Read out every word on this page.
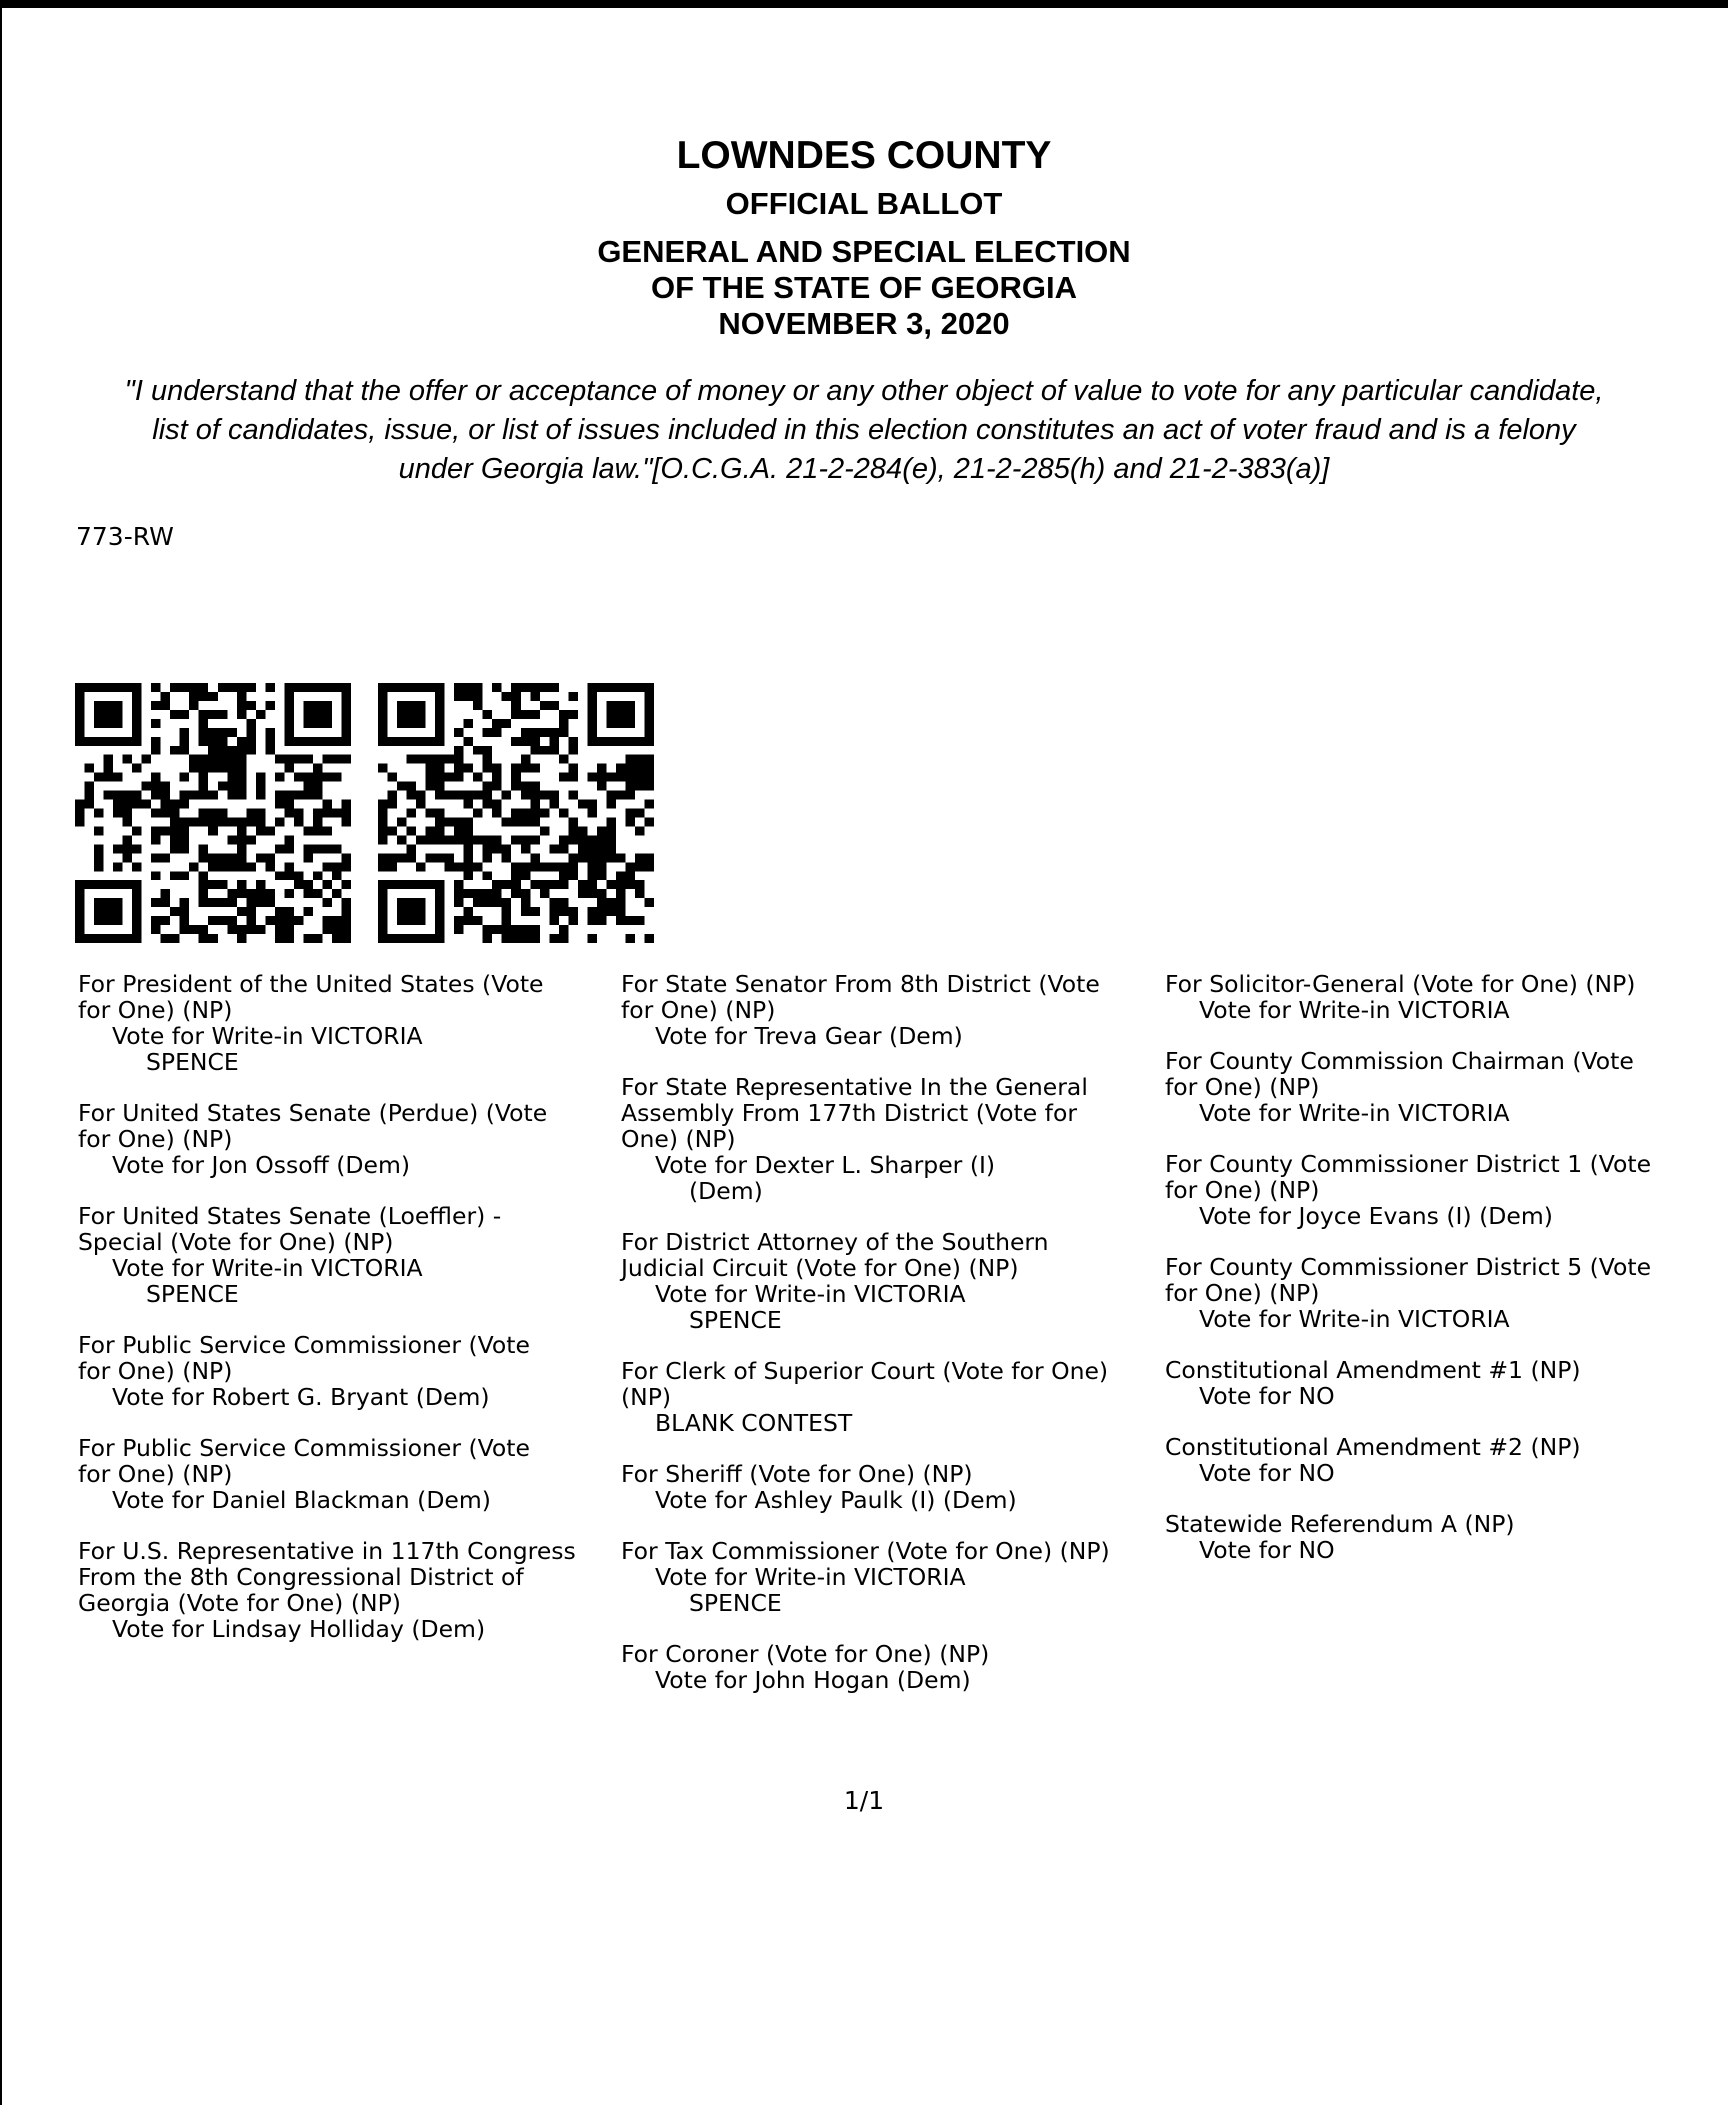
LOWNDES COUNTY
OFFICIAL BALLOT
GENERAL AND SPECIAL ELECTION
OF THE STATE OF GEORGIA
NOVEMBER 3, 2020
"I understand that the offer or acceptance of money or any other object of value to vote for any particular candidate,
list of candidates, issue, or list of issues included in this election constitutes an act of voter fraud and is a felony
under Georgia law."[O.C.G.A. 21-2-284(e), 21-2-285(h) and 21-2-383(a)]
773-RW
For President of the United States (Vote
for One) (NP)
Vote for Write-in VICTORIA
SPENCE
For United States Senate (Perdue) (Vote
for One) (NP)
Vote for Jon Ossoff (Dem)
For United States Senate (Loeffler) -
Special (Vote for One) (NP)
Vote for Write-in VICTORIA
SPENCE
For Public Service Commissioner (Vote
for One) (NP)
Vote for Robert G. Bryant (Dem)
For Public Service Commissioner (Vote
for One) (NP)
Vote for Daniel Blackman (Dem)
For U.S. Representative in 117th Congress
From the 8th Congressional District of
Georgia (Vote for One) (NP)
Vote for Lindsay Holliday (Dem)
For State Senator From 8th District (Vote
for One) (NP)
Vote for Treva Gear (Dem)
For State Representative In the General
Assembly From 177th District (Vote for
One) (NP)
Vote for Dexter L. Sharper (I)
(Dem)
For District Attorney of the Southern
Judicial Circuit (Vote for One) (NP)
Vote for Write-in VICTORIA
SPENCE
For Clerk of Superior Court (Vote for One)
(NP)
BLANK CONTEST
For Sheriff (Vote for One) (NP)
Vote for Ashley Paulk (I) (Dem)
For Tax Commissioner (Vote for One) (NP)
Vote for Write-in VICTORIA
SPENCE
For Coroner (Vote for One) (NP)
Vote for John Hogan (Dem)
For Solicitor-General (Vote for One) (NP)
Vote for Write-in VICTORIA
For County Commission Chairman (Vote
for One) (NP)
Vote for Write-in VICTORIA
For County Commissioner District 1 (Vote
for One) (NP)
Vote for Joyce Evans (I) (Dem)
For County Commissioner District 5 (Vote
for One) (NP)
Vote for Write-in VICTORIA
Constitutional Amendment #1 (NP)
Vote for NO
Constitutional Amendment #2 (NP)
Vote for NO
Statewide Referendum A (NP)
Vote for NO
1/1
